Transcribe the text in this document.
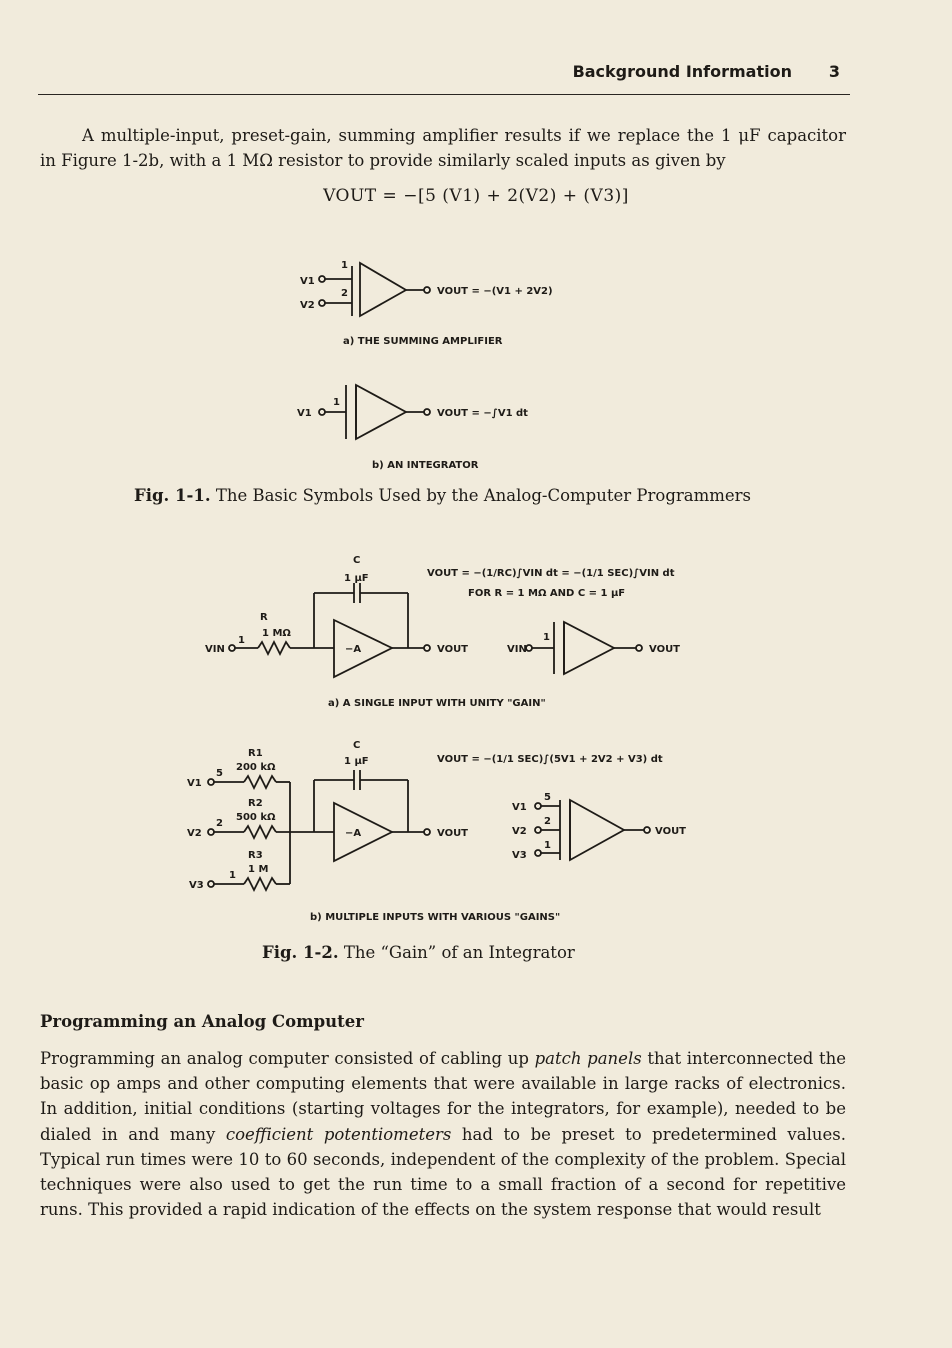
Background Information 3
A multiple-input, preset-gain, summing amplifier results if we replace the 1 μF capacitor in Figure 1-2b, with a 1 MΩ resistor to provide similarly scaled inputs as given by
VOUT = −[5 (V1) + 2(V2) + (V3)]
V1
1
V2
2	VOUT = −(V1 + 2V2)
a) THE SUMMING AMPLIFIER
V1
1
VOUT = −∫V1 dt
b) AN INTEGRATOR
C
1 μF
R
1 MΩ
1
VIN	−A	VOUT
VOUT = −(1/RC)∫VIN dt = −(1/1 SEC)∫VIN dt
FOR R = 1 MΩ AND C = 1 μF
VIN
1
VOUT
a) A SINGLE INPUT WITH UNITY "GAIN"
R1
200 kΩ
5
V1
R2
500 kΩ
2
V2
R3
1 M
1
V3
C
1 μF
−A	VOUT
VOUT = −(1/1 SEC)∫(5V1 + 2V2 + V3) dt
V1
5
V2
2
V3
1
VOUT
b) MULTIPLE INPUTS WITH VARIOUS "GAINS"
Fig. 1-1. The Basic Symbols Used by the Analog-Computer Programmers
Fig. 1-2. The “Gain” of an Integrator
Programming an Analog Computer

Programming an analog computer consisted of cabling up patch panels that interconnected the basic op amps and other computing elements that were available in large racks of electronics. In addition, initial conditions (starting voltages for the integrators, for example), needed to be dialed in and many coefficient potentiometers had to be preset to predetermined values. Typical run times were 10 to 60 seconds, independent of the complexity of the problem. Special techniques were also used to get the run time to a small fraction of a second for repetitive runs. This provided a rapid indication of the effects on the system response that would result
